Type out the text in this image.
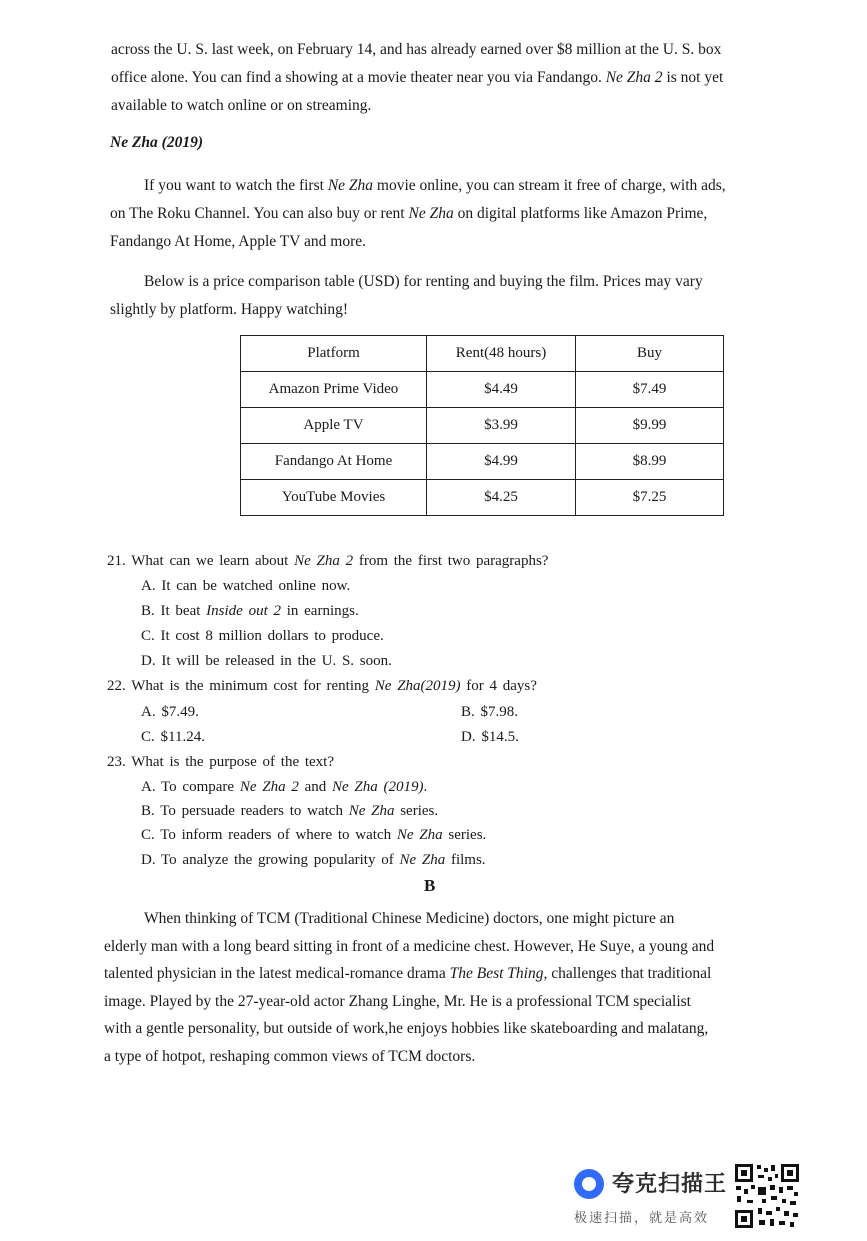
across the U. S. last week, on February 14, and has already earned over $8 million at the U. S. box
office alone. You can find a showing at a movie theater near you via Fandango. Ne Zha 2 is not yet
available to watch online or on streaming.
Ne Zha (2019)
If you want to watch the first Ne Zha movie online, you can stream it free of charge, with ads,
on The Roku Channel. You can also buy or rent Ne Zha on digital platforms like Amazon Prime,
Fandango At Home, Apple TV and more.
Below is a price comparison table (USD) for renting and buying the film. Prices may vary
slightly by platform. Happy watching!
Platform	Rent(48 hours)	Buy
Amazon Prime Video	$4.49	$7.49
Apple TV	$3.99	$9.99
Fandango At Home	$4.99	$8.99
YouTube Movies	$4.25	$7.25
21. What can we learn about Ne Zha 2 from the first two paragraphs?
A. It can be watched online now.
B. It beat Inside out 2 in earnings.
C. It cost 8 million dollars to produce.
D. It will be released in the U. S. soon.
22. What is the minimum cost for renting Ne Zha(2019) for 4 days?
A. $7.49.	B. $7.98.
C. $11.24.	D. $14.5.
23. What is the purpose of the text?
A. To compare Ne Zha 2 and Ne Zha (2019).
B. To persuade readers to watch Ne Zha series.
C. To inform readers of where to watch Ne Zha series.
D. To analyze the growing popularity of Ne Zha films.
B
When thinking of TCM (Traditional Chinese Medicine) doctors, one might picture an
elderly man with a long beard sitting in front of a medicine chest. However, He Suye, a young and
talented physician in the latest medical-romance drama The Best Thing, challenges that traditional
image. Played by the 27-year-old actor Zhang Linghe, Mr. He is a professional TCM specialist
with a gentle personality, but outside of work,he enjoys hobbies like skateboarding and malatang,
a type of hotpot, reshaping common views of TCM doctors.
夸克扫描王
极速扫描，就是高效
